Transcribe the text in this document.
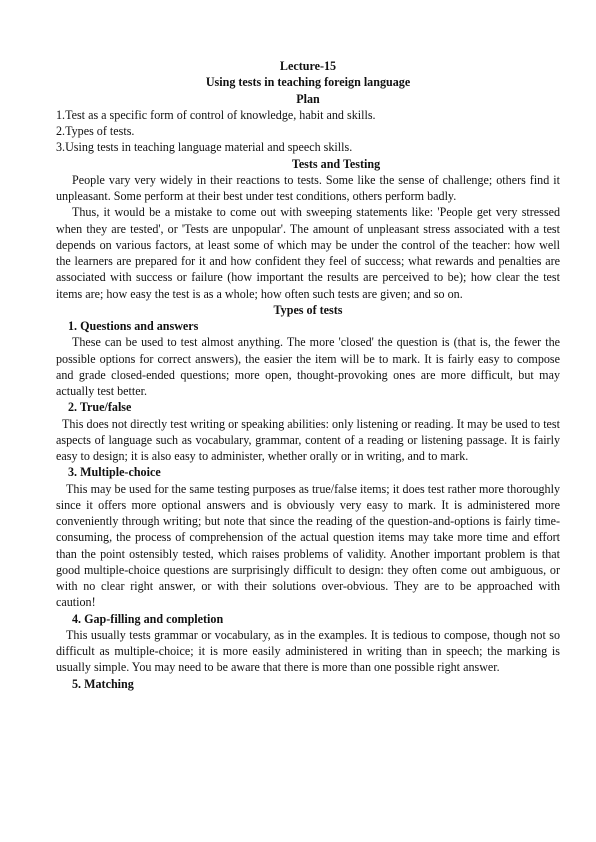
Lecture-15
Using tests in teaching foreign language
Plan
1.Test as a specific form of control of knowledge, habit and skills.
2.Types of tests.
3.Using tests in teaching language material and speech skills.
Tests and Testing

People vary very widely in their reactions to tests. Some like the sense of challenge; others find it unpleasant. Some perform at their best under test conditions, others perform badly.

Thus, it would be a mistake to come out with sweeping statements like: 'People get very stressed when they are tested', or 'Tests are unpopular'. The amount of unpleasant stress associated with a test depends on various factors, at least some of which may be under the control of the teacher: how well the learners are prepared for it and how confident they feel of success; what rewards and penalties are associated with success or failure (how important the results are perceived to be); how clear the test items are; how easy the test is as a whole; how often such tests are given; and so on.

Types of tests
1. Questions and answers

These can be used to test almost anything. The more 'closed' the question is (that is, the fewer the possible options for correct answers), the easier the item will be to mark. It is fairly easy to compose and grade closed-ended questions; more open, thought-provoking ones are more difficult, but may actually test better.

2. True/false

This does not directly test writing or speaking abilities: only listening or reading. It may be used to test aspects of language such as vocabulary, grammar, content of a reading or listening passage. It is fairly easy to design; it is also easy to administer, whether orally or in writing, and to mark.

3. Multiple-choice

This may be used for the same testing purposes as true/false items; it does test rather more thoroughly since it offers more optional answers and is obviously very easy to mark. It is administered more conveniently through writing; but note that since the reading of the question-and-options is fairly time-consuming, the process of comprehension of the actual question items may take more time and effort than the point ostensibly tested, which raises problems of validity. Another important problem is that good multiple-choice questions are surprisingly difficult to design: they often come out ambiguous, or with no clear right answer, or with their solutions over-obvious. They are to be approached with caution!

4. Gap-filling and completion

This usually tests grammar or vocabulary, as in the examples. It is tedious to compose, though not so difficult as multiple-choice; it is more easily administered in writing than in speech; the marking is usually simple. You may need to be aware that there is more than one possible right answer.

5. Matching
